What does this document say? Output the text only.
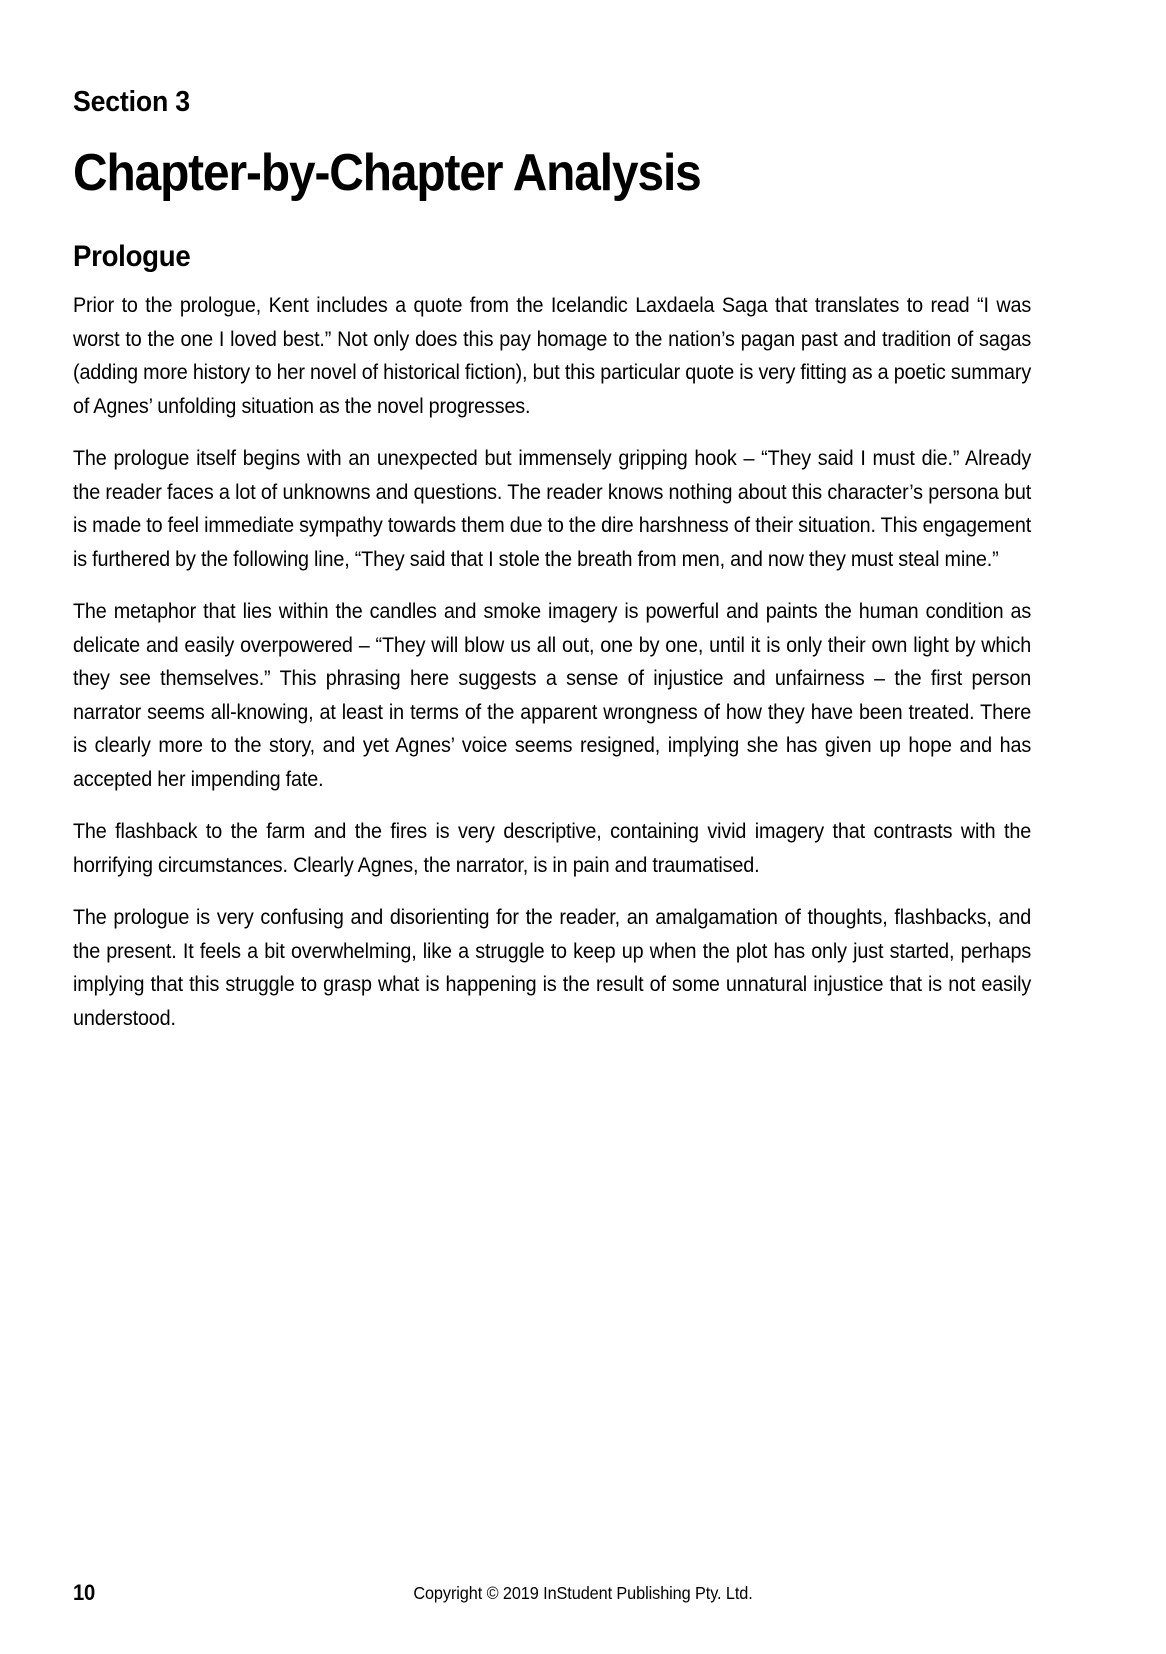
Section 3
Chapter-by-Chapter Analysis
Prologue

Prior to the prologue, Kent includes a quote from the Icelandic Laxdaela Saga that translates to read “I was worst to the one I loved best.” Not only does this pay homage to the nation’s pagan past and tradition of sagas (adding more history to her novel of historical fiction), but this particular quote is very fitting as a poetic summary of Agnes’ unfolding situation as the novel progresses.

The prologue itself begins with an unexpected but immensely gripping hook – “They said I must die.” Already the reader faces a lot of unknowns and questions. The reader knows nothing about this character’s persona but is made to feel immediate sympathy towards them due to the dire harshness of their situation. This engagement is furthered by the following line, “They said that I stole the breath from men, and now they must steal mine.”

The metaphor that lies within the candles and smoke imagery is powerful and paints the human condition as delicate and easily overpowered – “They will blow us all out, one by one, until it is only their own light by which they see themselves.” This phrasing here suggests a sense of injustice and unfairness – the first person narrator seems all-knowing, at least in terms of the apparent wrongness of how they have been treated. There is clearly more to the story, and yet Agnes’ voice seems resigned, implying she has given up hope and has accepted her impending fate.

The flashback to the farm and the fires is very descriptive, containing vivid imagery that contrasts with the horrifying circumstances. Clearly Agnes, the narrator, is in pain and traumatised.

The prologue is very confusing and disorienting for the reader, an amalgamation of thoughts, flashbacks, and the present. It feels a bit overwhelming, like a struggle to keep up when the plot has only just started, perhaps implying that this struggle to grasp what is happening is the result of some unnatural injustice that is not easily understood.

10	Copyright © 2019 InStudent Publishing Pty. Ltd.
